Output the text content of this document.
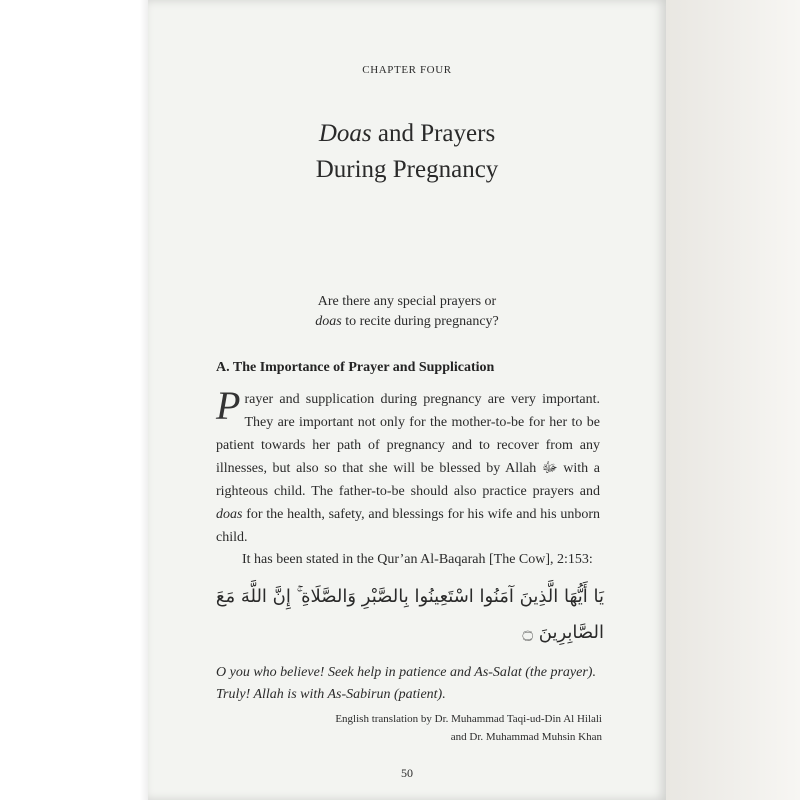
CHAPTER FOUR
Doas and Prayers
During Pregnancy
Are there any special prayers or
doas to recite during pregnancy?
A. The Importance of Prayer and Supplication
Prayer and supplication during pregnancy are very important. They are important not only for the mother-to-be for her to be patient towards her path of pregnancy and to recover from any illnesses, but also so that she will be blessed by Allah ﷻ with a righteous child. The father-to-be should also practice prayers and doas for the health, safety, and blessings for his wife and his unborn child.
It has been stated in the Qur’an Al-Baqarah [The Cow], 2:153:
يَا أَيُّهَا الَّذِينَ آمَنُوا اسْتَعِينُوا بِالصَّبْرِ وَالصَّلَاةِ ۚ إِنَّ اللَّهَ مَعَ
الصَّابِرِينَ ۝
O you who believe! Seek help in patience and As-Salat (the prayer). Truly! Allah is with As-Sabirun (patient).
English translation by Dr. Muhammad Taqi-ud-Din Al Hilali
and Dr. Muhammad Muhsin Khan
50
